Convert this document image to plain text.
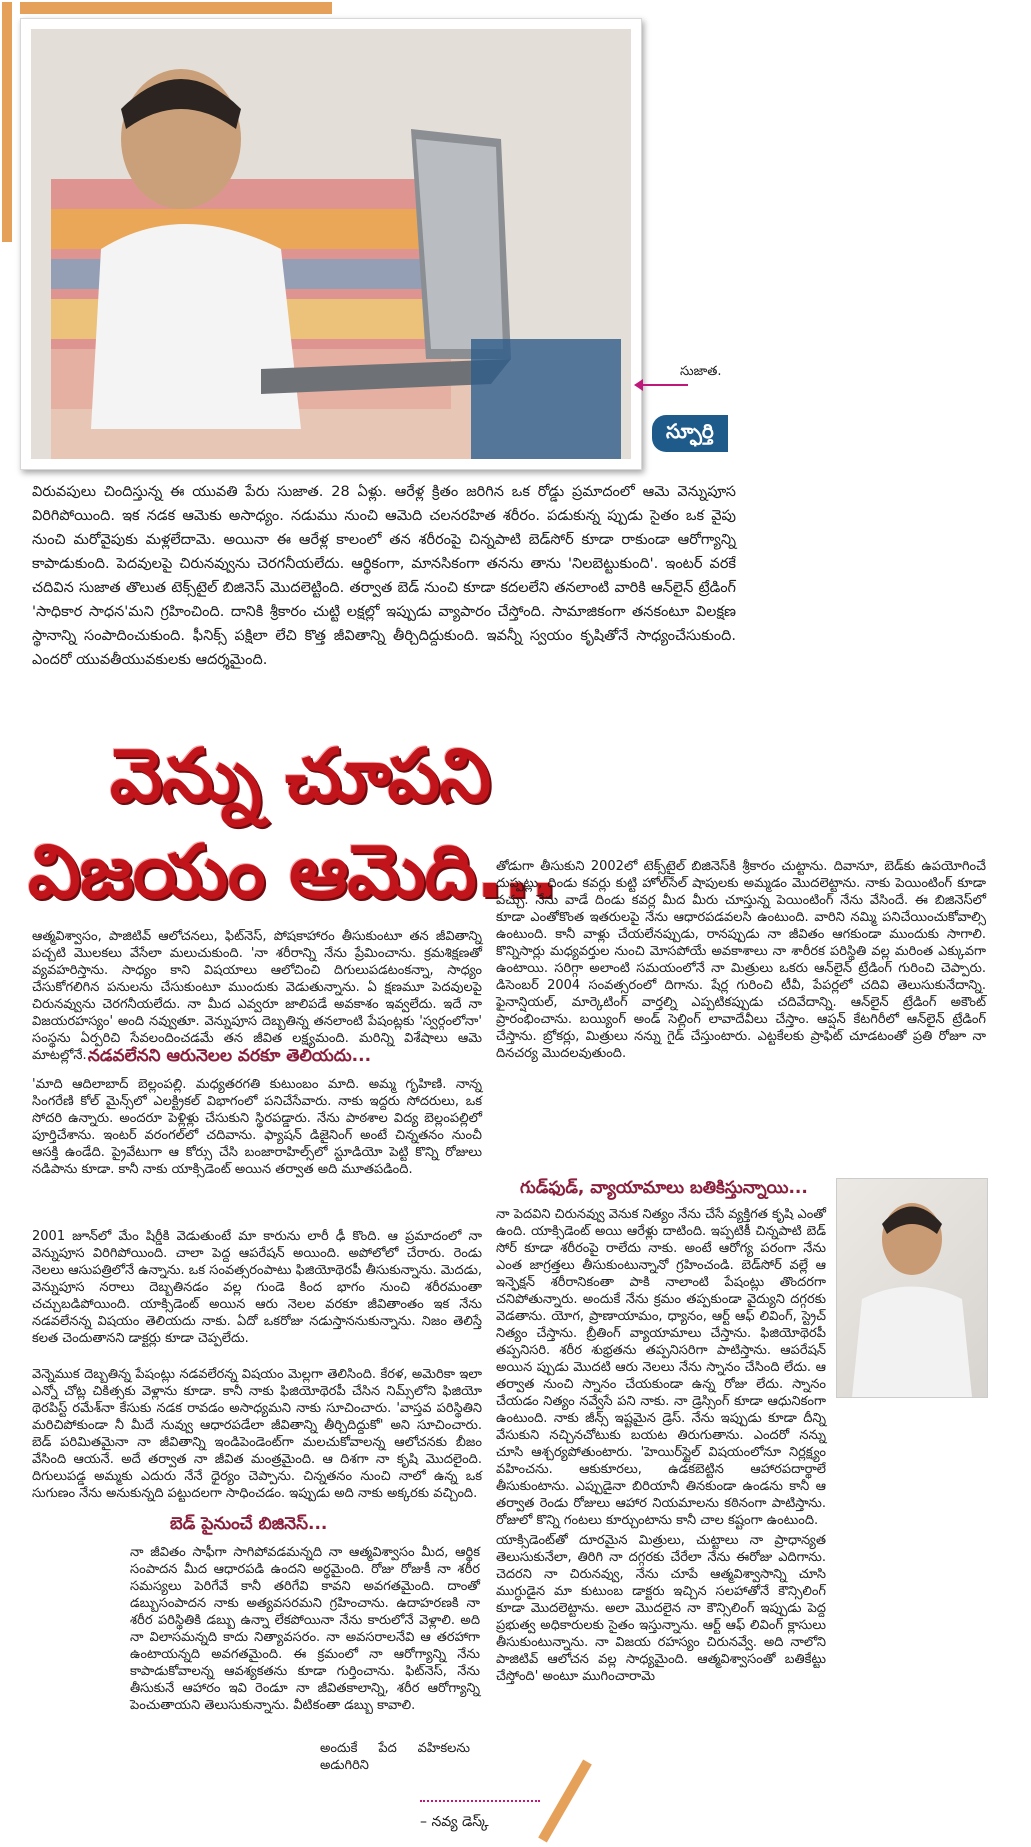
సుజాత.
స్ఫూర్తి

విరువపులు చిందిస్తున్న ఈ యువతి పేరు సుజాత. 28 ఏళ్లు. ఆరేళ్ల క్రితం జరిగిన ఒక రోడ్డు ప్రమాదంలో ఆమె వెన్నుపూస విరిగిపోయింది. ఇక నడక ఆమెకు అసాధ్యం. నడుము నుంచి ఆమెది చలనరహిత శరీరం. పడుకున్న ప్పుడు సైతం ఒక వైపు నుంచి మరోవైపుకు మళ్లలేదామె. అయినా ఈ ఆరేళ్ల కాలంలో తన శరీరంపై చిన్నపాటి బెడ్‌సోర్ కూడా రాకుండా ఆరోగ్యాన్ని కాపాడుకుంది. పెదవులపై చిరునవ్వును చెరగనీయలేదు. ఆర్థికంగా, మానసికంగా తనను తాను 'నిలబెట్టుకుంది'. ఇంటర్ వరకే చదివిన సుజాత తొలుత టెక్స్‌టైల్ బిజినెస్ మొదలెట్టింది. తర్వాత బెడ్ నుంచి కూడా కదలలేని తనలాంటి వారికి ఆన్‌లైన్ ట్రేడింగ్ 'సాధికార సాధన'మని గ్రహించింది. దానికి శ్రీకారం చుట్టి లక్షల్లో ఇప్పుడు వ్యాపారం చేస్తోంది. సామాజికంగా తనకంటూ విలక్షణ స్థానాన్ని సంపాదించుకుంది. ఫీనిక్స్ పక్షిలా లేచి కొత్త జీవితాన్ని తీర్చిదిద్దుకుంది. ఇవన్నీ స్వయం కృషితోనే సాధ్యంచేసుకుంది. ఎందరో యువతీయువకులకు ఆదర్శమైంది.

వెన్ను చూపని
విజయం ఆమెది...

ఆత్మవిశ్వాసం, పాజిటివ్ ఆలోచనలు, ఫిట్‌నెస్, పోషకాహారం తీసుకుంటూ తన జీవితాన్ని పచ్చటి మొలకలు వేసేలా మలుచుకుంది. 'నా శరీరాన్ని నేను ప్రేమించాను. క్రమశిక్షణతో వ్యవహరిస్తాను. సాధ్యం కాని విషయాలు ఆలోచించి దిగులుపడటంకన్నా, సాధ్యం చేసుకోగలిగిన పనులను చేసుకుంటూ ముందుకు వెడుతున్నాను. ఏ క్షణమూ పెదవులపై చిరునవ్వును చెరగనీయలేదు. నా మీద ఎవ్వరూ జాలిపడే అవకాశం ఇవ్వలేదు. ఇదే నా విజయరహస్యం' అంది నవ్వుతూ. వెన్నుపూస దెబ్బతిన్న తనలాంటి పేషంట్లకు 'స్వర్గంలోనా' సంస్థను ఏర్పరిచి సేవలందించడమే తన జీవిత లక్ష్యమంది. మరిన్ని విశేషాలు ఆమె మాటల్లోనే...

నడవలేనని ఆరునెలల వరకూ తెలియదు...

'మాది ఆదిలాబాద్ బెల్లంపల్లి. మధ్యతరగతి కుటుంబం మాది. అమ్మ గృహిణి. నాన్న సింగరేణి కోల్ మైన్స్‌లో ఎలక్ట్రికల్ విభాగంలో పనిచేసేవారు. నాకు ఇద్దరు సోదరులు, ఒక సోదరి ఉన్నారు. అందరూ పెళ్లిళ్లు చేసుకుని స్థిరపడ్డారు. నేను పాఠశాల విద్య బెల్లంపల్లిలో పూర్తిచేశాను. ఇంటర్ వరంగల్‌లో చదివాను. ఫ్యాషన్ డిజైనింగ్ అంటే చిన్నతనం నుంచీ ఆసక్తి ఉండేది. ప్రైవేటుగా ఆ కోర్సు చేసి బంజారాహిల్స్‌లో స్టూడియో పెట్టి కొన్ని రోజులు నడిపాను కూడా. కానీ నాకు యాక్సిడెంట్ అయిన తర్వాత అది మూతపడింది.

2001 జూన్‌లో మేం షిర్డీకి వెడుతుంటే మా కారును లారీ ఢీ కొంది. ఆ ప్రమాదంలో నా వెన్నుపూస విరిగిపోయింది. చాలా పెద్ద ఆపరేషన్ అయింది. అపోలోలో చేరారు. రెండు నెలలు ఆసుపత్రిలోనే ఉన్నాను. ఒక సంవత్సరంపాటు ఫిజియోథెరపీ తీసుకున్నాను. మెదడు, వెన్నుపూస నరాలు దెబ్బతినడం వల్ల గుండె కింద భాగం నుంచి శరీరమంతా చచ్చుబడిపోయింది. యాక్సిడెంట్ అయిన ఆరు నెలల వరకూ జీవితాంతం ఇక నేను నడవలేనన్న విషయం తెలియదు నాకు. ఏదో ఒకరోజు నడుస్తాననుకున్నాను. నిజం తెలిస్తే కలత చెందుతానని డాక్టర్లు కూడా చెప్పలేదు.

వెన్నెముక దెబ్బతిన్న పేషంట్లు నడవలేరన్న విషయం మెల్లగా తెలిసింది. కేరళ, అమెరికా ఇలా ఎన్నో చోట్ల చికిత్సకు వెళ్లాను కూడా. కానీ నాకు ఫిజియోథెరపీ చేసిన నిమ్స్‌లోని ఫిజియో థెరపిస్ట్ రమేశ్‌నా కేసుకు నడక రావడం అసాధ్యమని నాకు సూచించారు. 'వాస్తవ పరిస్థితిని మరిచిపోకుండా నీ మీదే నువ్వు ఆధారపడేలా జీవితాన్ని తీర్చిదిద్దుకో' అని సూచించారు. బెడ్ పరిమితమైనా నా జీవితాన్ని ఇండిపెండెంట్‌గా మలచుకోవాలన్న ఆలోచనకు బీజం వేసింది ఆయనే. అదే తర్వాత నా జీవిత మంత్రమైంది. ఆ దిశగా నా కృషి మొదలైంది. దిగులుపడ్డ అమ్మకు ఎదురు నేనే ధైర్యం చెప్పాను. చిన్నతనం నుంచి నాలో ఉన్న ఒక సుగుణం నేను అనుకున్నది పట్టుదలగా సాధించడం. ఇప్పుడు అది నాకు అక్కరకు వచ్చింది.

బెడ్ పైనుంచే బిజినెస్...

నా జీవితం సాఫీగా సాగిపోవడమన్నది నా ఆత్మవిశ్వాసం మీద, ఆర్థిక సంపాదన మీద ఆధారపడి ఉందని అర్థమైంది. రోజు రోజుకీ నా శరీర సమస్యలు పెరిగేవే కానీ తరిగేవి కావని అవగతమైంది. దాంతో డబ్బుసంపాదన నాకు అత్యవసరమని గ్రహించాను. ఉదాహరణకి నా శరీర పరిస్థితికి డబ్బు ఉన్నా లేకపోయినా నేను కారులోనే వెళ్లాలి. అది నా విలాసమన్నది కాదు నిత్యావసరం. నా అవసరాలనేవి ఆ తరహాగా ఉంటాయన్నది అవగతమైంది. ఈ క్రమంలో నా ఆరోగ్యాన్ని నేను కాపాడుకోవాలన్న ఆవశ్యకతను కూడా గుర్తించాను. ఫిట్‌నెస్, నేను తీసుకునే ఆహారం ఇవి రెండూ నా జీవితకాలాన్ని, శరీర ఆరోగ్యాన్ని పెంచుతాయని తెలుసుకున్నాను. వీటికంతా డబ్బు కావాలి.

అందుకే పేద వహికలను అడుగిరిని

తోడుగా తీసుకుని 2002లో టెక్స్‌టైల్ బిజినెస్‌కి శ్రీకారం చుట్టాను. దివానూ, బెడ్‌కు ఉపయోగించే దుప్పట్లు, దిండు కవర్లు కుట్టి హోల్‌సేల్ షాపులకు అమ్మడం మొదలెట్టాను. నాకు పెయింటింగ్ కూడా వచ్చు. నేను వాడే దిండు కవర్ల మీద మీరు చూస్తున్న పెయింటింగ్ నేను వేసిందే. ఈ బిజినెస్‌లో కూడా ఎంతోకొంత ఇతరులపై నేను ఆధారపడవలసి ఉంటుంది. వారిని నమ్మి పనిచేయించుకోవాల్సి ఉంటుంది. కానీ వాళ్లు చేయలేనప్పుడు, రానప్పుడు నా జీవితం ఆగకుండా ముందుకు సాగాలి. కొన్నిసార్లు మధ్యవర్తుల నుంచి మోసపోయే అవకాశాలు నా శారీరక పరిస్థితి వల్ల మరింత ఎక్కువగా ఉంటాయి. సరిగ్గా అలాంటి సమయంలోనే నా మిత్రులు ఒకరు ఆన్‌లైన్ ట్రేడింగ్ గురించి చెప్పారు. డిసెంబర్ 2004 సంవత్సరంలో దిగాను. షేర్ల గురించి టీవీ, పేపర్లలో చదివి తెలుసుకునేదాన్ని. ఫైనాన్షియల్, మార్కెటింగ్ వార్తల్ని ఎప్పటికప్పుడు చదివేదాన్ని. ఆన్‌లైన్ ట్రేడింగ్ అకౌంట్ ప్రారంభించాను. బయ్యింగ్ అండ్ సెల్లింగ్ లావాదేవీలు చేస్తాం. ఆప్షన్ కేటగిరీలో ఆన్‌లైన్ ట్రేడింగ్ చేస్తాను. బ్రోకర్లు, మిత్రులు నన్ను గైడ్ చేస్తుంటారు. ఎట్టకేలకు ప్రాఫిట్ చూడటంతో ప్రతి రోజూ నా దినచర్య మొదలవుతుంది.

గుడ్‌ఫుడ్, వ్యాయామాలు బతికిస్తున్నాయి...

నా పెదవిని చిరునవ్వు వెనుక నిత్యం నేను చేసే వ్యక్తిగత కృషి ఎంతో ఉంది. యాక్సిడెంట్ అయి ఆరేళ్లు దాటింది. ఇప్పటికీ చిన్నపాటి బెడ్ సోర్ కూడా శరీరంపై రాలేదు నాకు. అంటే ఆరోగ్య పరంగా నేను ఎంత జాగ్రత్తలు తీసుకుంటున్నానో గ్రహించండి. బెడ్‌సోర్ వల్లే ఆ ఇన్ఫెక్షన్ శరీరానికంతా పాకి నాలాంటి పేషంట్లు తొందరగా చనిపోతున్నారు. అందుకే నేను క్రమం తప్పకుండా వైద్యుని దగ్గరకు వెడతాను. యోగ, ప్రాణాయామం, ధ్యానం, ఆర్ట్ ఆఫ్ లివింగ్, స్ట్రెచ్ నిత్యం చేస్తాను. బ్రీతింగ్ వ్యాయామాలు చేస్తాను. ఫిజియోథెరపీ తప్పనిసరి. శరీర శుభ్రతను తప్పనిసరిగా పాటిస్తాను. ఆపరేషన్ అయిన ప్పుడు మొదటి ఆరు నెలలు నేను స్నానం చేసింది లేదు. ఆ తర్వాత నుంచి స్నానం చేయకుండా ఉన్న రోజు లేదు. స్నానం చేయడం నిత్యం నవ్వేసే పని నాకు. నా డ్రెస్సింగ్ కూడా ఆధునికంగా ఉంటుంది. నాకు జీన్స్ ఇష్టమైన డ్రెస్. నేను ఇప్పుడు కూడా దీన్ని వేసుకుని నచ్చినచోటుకు బయట తిరుగుతాను. ఎందరో నన్ను చూసి ఆశ్చర్యపోతుంటారు. 'హెయిర్‌స్టైల్ విషయంలోనూ నిర్లక్ష్యం వహించను. ఆకుకూరలు, ఉడకబెట్టిన ఆహారపదార్థాలే తీసుకుంటాను. ఎప్పుడైనా బిరియానీ తినకుండా ఉండను కానీ ఆ తర్వాత రెండు రోజులు ఆహార నియమాలను కఠినంగా పాటిస్తాను. రోజులో కొన్ని గంటలు కూర్చుంటాను కానీ చాల కష్టంగా ఉంటుంది.

యాక్సిడెంట్‌తో దూరమైన మిత్రులు, చుట్టాలు నా ప్రాధాన్యత తెలుసుకునేలా, తిరిగి నా దగ్గరకు చేరేలా నేను ఈరోజు ఎదిగాను. చెదరని నా చిరునవ్వు, నేను చూపే ఆత్మవిశ్వాసాన్ని చూసి ముగ్ధుడైన మా కుటుంబ డాక్టరు ఇచ్చిన సలహాతోనే కౌన్సిలింగ్ కూడా మొదలెట్టాను. అలా మొదలైన నా కౌన్సిలింగ్ ఇప్పుడు పెద్ద ప్రభుత్వ అధికారులకు సైతం ఇస్తున్నాను. ఆర్ట్ ఆఫ్ లివింగ్ క్లాసులు తీసుకుంటున్నాను. నా విజయ రహస్యం చిరునవ్వే. అది నాలోని పాజిటివ్ ఆలోచన వల్ల సాధ్యమైంది. ఆత్మవిశ్వాసంతో బతికేట్టు చేస్తోంది' అంటూ ముగించారామె

– నవ్య డెస్క్
